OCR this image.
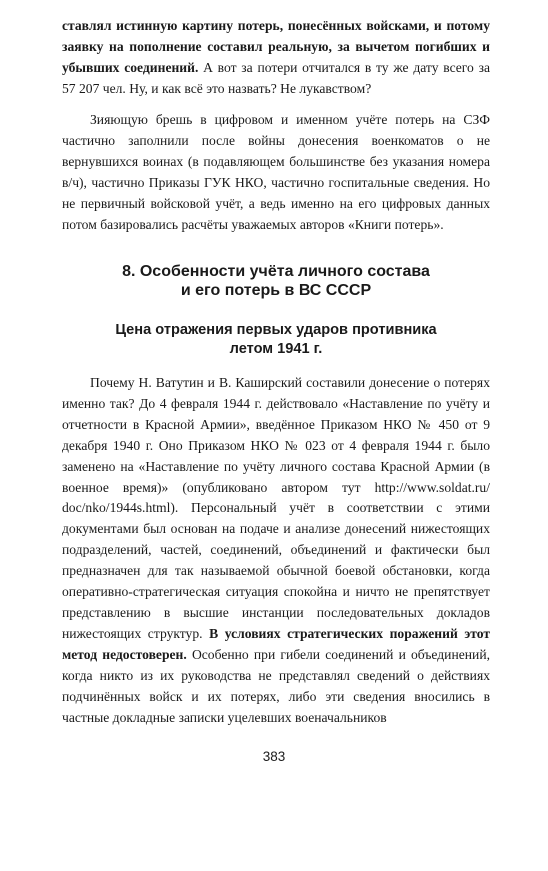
ставлял истинную картину потерь, понесённых войсками, и потому заявку на пополнение составил реальную, за вычетом погибших и убывших соединений. А вот за потери отчитался в ту же дату всего за 57 207 чел. Ну, и как всё это назвать? Не лукавством?

Зияющую брешь в цифровом и именном учёте потерь на СЗФ частично заполнили после войны донесения военкоматов о не вернувшихся воинах (в подавляющем большинстве без указания номера в/ч), частично Приказы ГУК НКО, частично госпитальные сведения. Но не первичный войсковой учёт, а ведь именно на его цифровых данных потом базировались расчёты уважаемых авторов «Книги потерь».

8. Особенности учёта личного состава
и его потерь в ВС СССР
Цена отражения первых ударов противника
летом 1941 г.

Почему Н. Ватутин и В. Каширский составили донесение о потерях именно так? До 4 февраля 1944 г. действовало «Наставление по учёту и отчетности в Красной Армии», введённое Приказом НКО № 450 от 9 декабря 1940 г. Оно Приказом НКО № 023 от 4 февраля 1944 г. было заменено на «Наставление по учёту личного состава Красной Армии (в военное время)» (опубликовано автором тут http://www.soldat.ru/ doc/nko/1944s.html). Персональный учёт в соответствии с этими документами был основан на подаче и анализе донесений нижестоящих подразделений, частей, соединений, объединений и фактически был предназначен для так называемой обычной боевой обстановки, когда оперативно-стратегическая ситуация спокойна и ничто не препятствует представлению в высшие инстанции последовательных докладов нижестоящих структур. В условиях стратегических поражений этот метод недостоверен. Особенно при гибели соединений и объединений, когда никто из их руководства не представлял сведений о действиях подчинённых войск и их потерях, либо эти сведения вносились в частные докладные записки уцелевших военачальников

383
